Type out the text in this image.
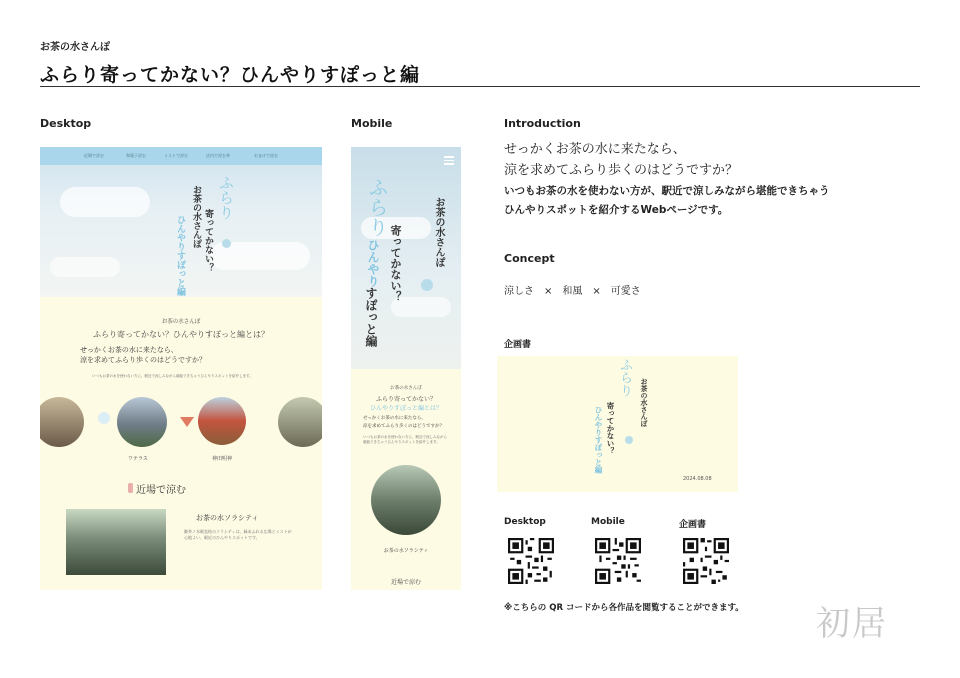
お茶の水さんぽ
ふらり寄ってかない？ひんやりすぽっと編
Desktop	Mobile	Introduction
近場で涼む	和菓子涼む	ミストで涼む	店内で涼む茶	おまけで涼む
ふらり
お茶の水さんぽ 寄ってかない？
ひんやりすぽっと編
お茶の水さんぽ
ふらり寄ってかない？ひんやりすぽっと編とは？
せっかくお茶の水に来たなら、
涼を求めてふらり歩くのはどうですか？
いつもお茶の水を使わない方に、駅近で涼しみながら堪能できちゃうひんやりスポットを紹介します。
ワテラス	神田明神
近場で涼む
お茶の水ソラシティ
御茶ノ水駅直結のソラシティは、緑あふれる広場とミストが心地よい、駅近のひんやりスポットです。
ふらり	お茶の水さんぽ
寄ってかない？
ひんやり
すぽっと編
お茶の水さんぽ
ふらり寄ってかない？
ひんやりすぽっと編とは？
せっかくお茶の水に来たなら、
涼を求めてふらり歩くのはどうですか？
いつもお茶の水を使わない方に、駅近で涼しみながら堪能できちゃうひんやりスポットを紹介します。
お茶の水ソラシティ
近場で涼む
せっかくお茶の水に来たなら、
涼を求めてふらり歩くのはどうですか？
いつもお茶の水を使わない方が、駅近で涼しみながら堪能できちゃう
ひんやりスポットを紹介するWebページです。
Concept
涼しさ　×　和風　×　可愛さ
企画書
ふらり
お茶の水さんぽ
寄ってかない？
ひんやりすぽっと編
2024.08.08
Desktop	Mobile	企画書
※こちらの QR コードから各作品を閲覧することができます。 初居
